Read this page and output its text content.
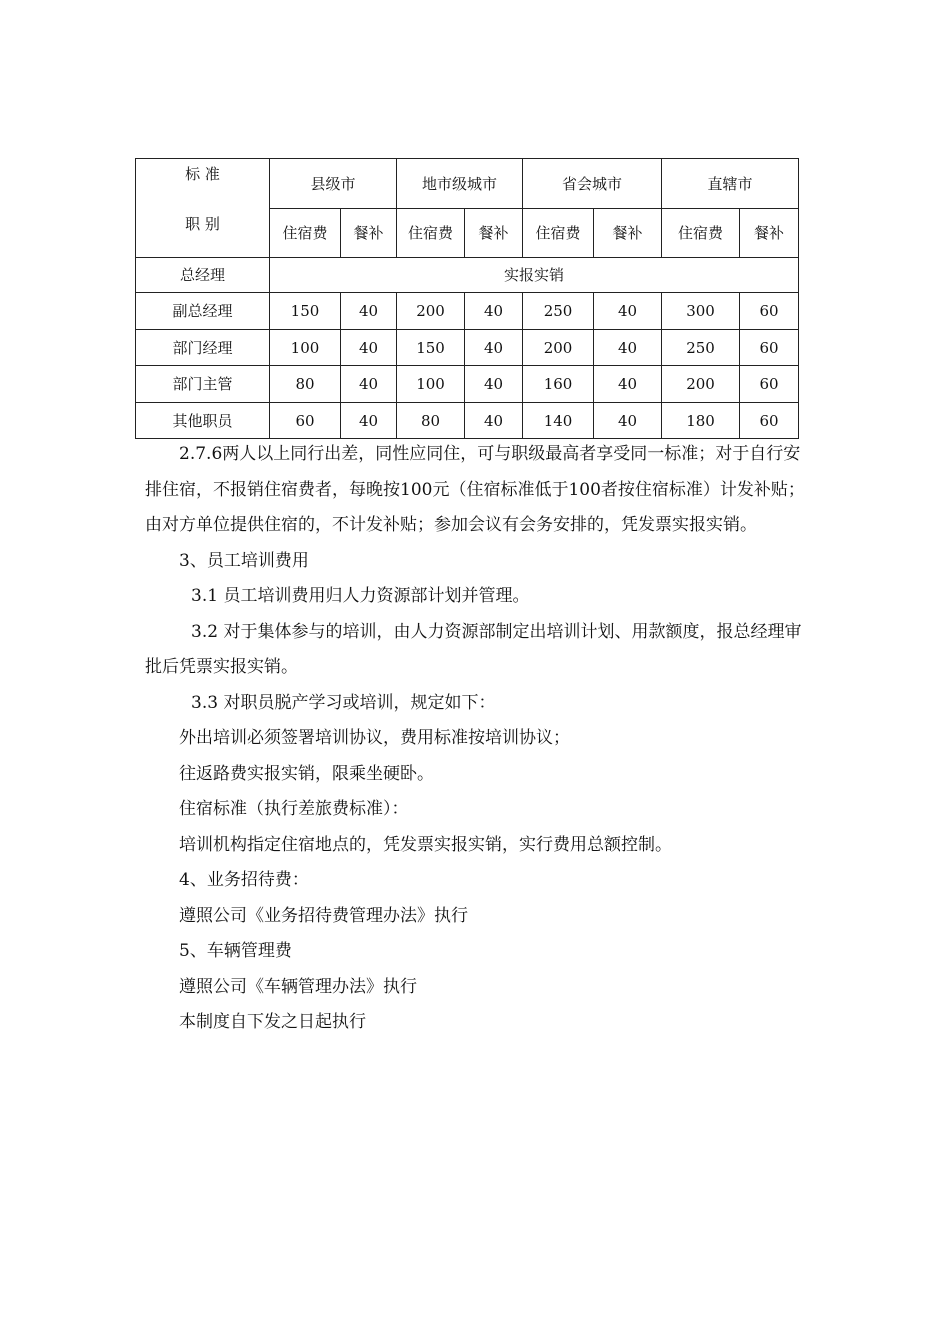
标 准
职 别	县级市		地市级城市		省会城市		直辖市	
	住宿费	餐补	住宿费	餐补	住宿费	餐补	住宿费	餐补
总经理	实报实销							
副总经理	150	40	200	40	250	40	300	60
部门经理	100	40	150	40	200	40	250	60
部门主管	80	40	100	40	160	40	200	60
其他职员	60	40	80	40	140	40	180	60

2.7.6两人以上同行出差，同性应同住，可与职级最高者享受同一标准；对于自行安排住宿，不报销住宿费者，每晚按100元（住宿标准低于100者按住宿标准）计发补贴；由对方单位提供住宿的，不计发补贴；参加会议有会务安排的，凭发票实报实销。

3、员工培训费用

3.1 员工培训费用归人力资源部计划并管理。

3.2 对于集体参与的培训，由人力资源部制定出培训计划、用款额度，报总经理审批后凭票实报实销。

3.3 对职员脱产学习或培训，规定如下：

外出培训必须签署培训协议，费用标准按培训协议；

往返路费实报实销，限乘坐硬卧。

住宿标准（执行差旅费标准）：

培训机构指定住宿地点的，凭发票实报实销，实行费用总额控制。

4、业务招待费：

遵照公司《业务招待费管理办法》执行

5、车辆管理费

遵照公司《车辆管理办法》执行

本制度自下发之日起执行
